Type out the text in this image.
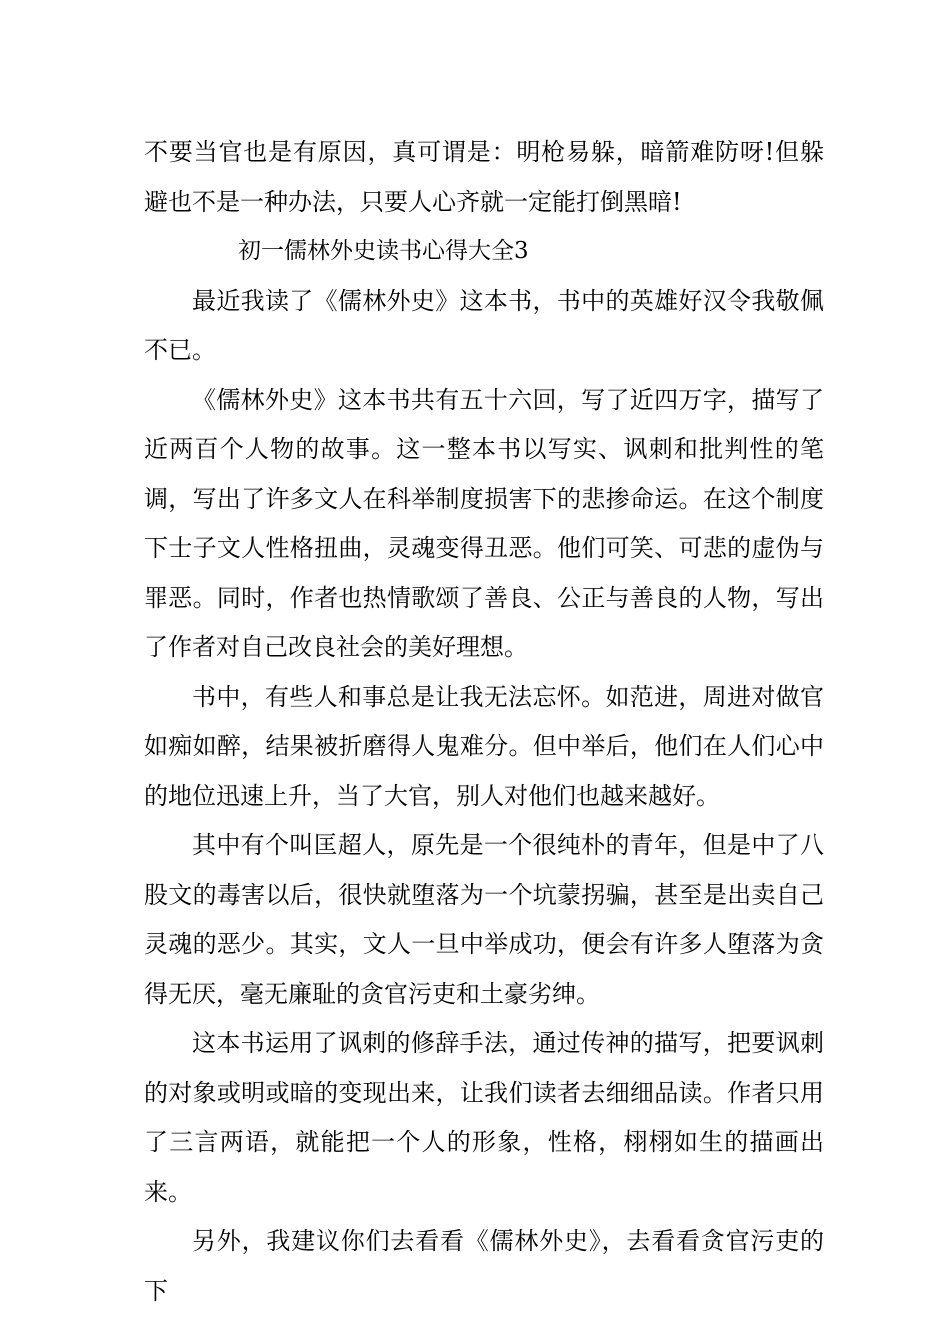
不要当官也是有原因，真可谓是：明枪易躲，暗箭难防呀!但躲避也不是一种办法，只要人心齐就一定能打倒黑暗!

初一儒林外史读书心得大全3

最近我读了《儒林外史》这本书，书中的英雄好汉令我敬佩不已。

《儒林外史》这本书共有五十六回，写了近四万字，描写了近两百个人物的故事。这一整本书以写实、讽刺和批判性的笔调，写出了许多文人在科举制度损害下的悲掺命运。在这个制度下士子文人性格扭曲，灵魂变得丑恶。他们可笑、可悲的虚伪与罪恶。同时，作者也热情歌颂了善良、公正与善良的人物，写出了作者对自己改良社会的美好理想。

书中，有些人和事总是让我无法忘怀。如范进，周进对做官如痴如醉，结果被折磨得人鬼难分。但中举后，他们在人们心中的地位迅速上升，当了大官，别人对他们也越来越好。

其中有个叫匡超人，原先是一个很纯朴的青年，但是中了八股文的毒害以后，很快就堕落为一个坑蒙拐骗，甚至是出卖自己灵魂的恶少。其实，文人一旦中举成功，便会有许多人堕落为贪得无厌，毫无廉耻的贪官污吏和土豪劣绅。

这本书运用了讽刺的修辞手法，通过传神的描写，把要讽刺的对象或明或暗的变现出来，让我们读者去细细品读。作者只用了三言两语，就能把一个人的形象，性格，栩栩如生的描画出来。

另外，我建议你们去看看《儒林外史》，去看看贪官污吏的下
